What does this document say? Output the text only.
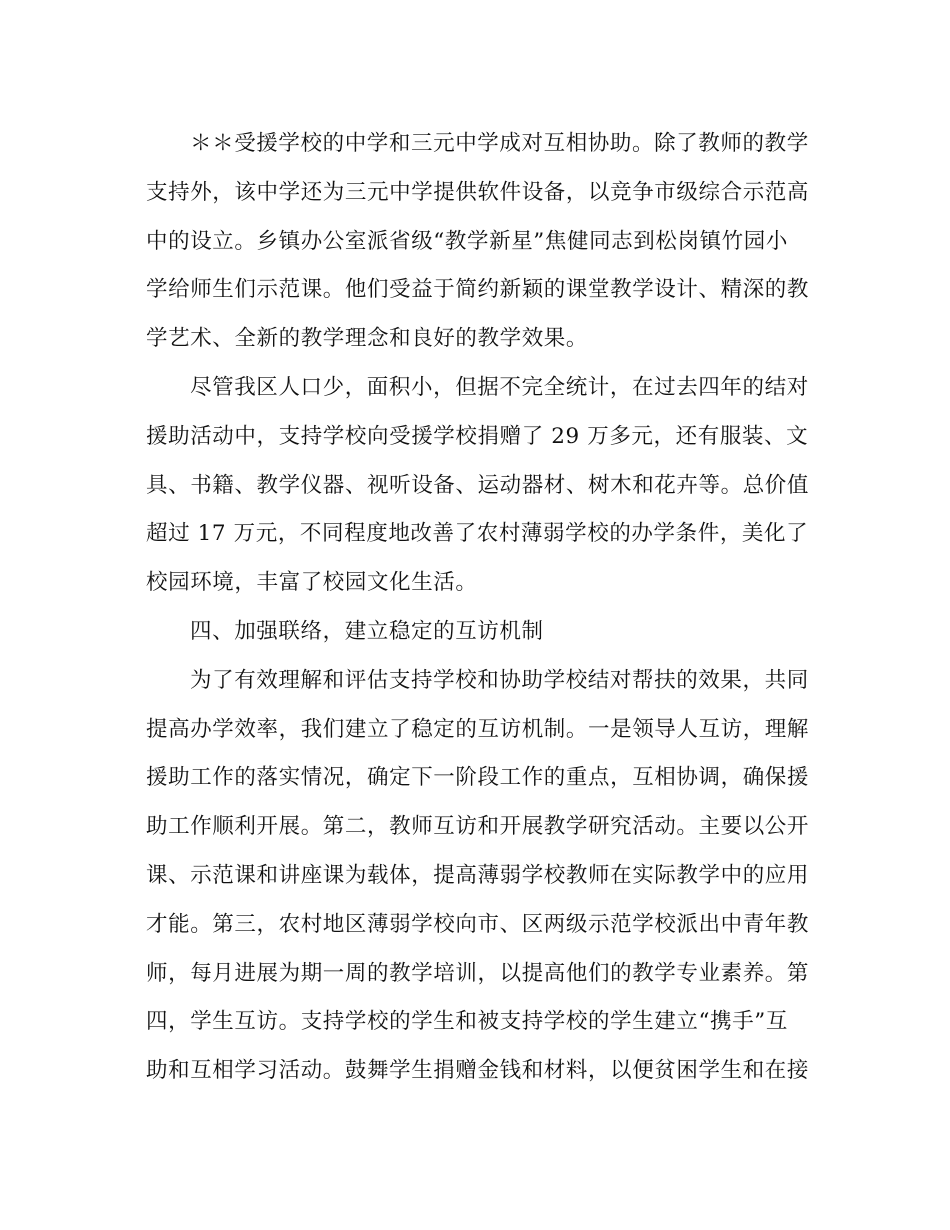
＊＊受援学校的中学和三元中学成对互相协助。除了教师的教学
支持外，该中学还为三元中学提供软件设备，以竞争市级综合示范高
中的设立。乡镇办公室派省级“教学新星”焦健同志到松岗镇竹园小
学给师生们示范课。他们受益于简约新颖的课堂教学设计、精深的教
学艺术、全新的教学理念和良好的教学效果。
尽管我区人口少，面积小，但据不完全统计，在过去四年的结对
援助活动中，支持学校向受援学校捐赠了 29 万多元，还有服装、文
具、书籍、教学仪器、视听设备、运动器材、树木和花卉等。总价值
超过 17 万元，不同程度地改善了农村薄弱学校的办学条件，美化了
校园环境，丰富了校园文化生活。
四、加强联络，建立稳定的互访机制
为了有效理解和评估支持学校和协助学校结对帮扶的效果，共同
提高办学效率，我们建立了稳定的互访机制。一是领导人互访，理解
援助工作的落实情况，确定下一阶段工作的重点，互相协调，确保援
助工作顺利开展。第二，教师互访和开展教学研究活动。主要以公开
课、示范课和讲座课为载体，提高薄弱学校教师在实际教学中的应用
才能。第三，农村地区薄弱学校向市、区两级示范学校派出中青年教
师，每月进展为期一周的教学培训，以提高他们的教学专业素养。第
四，学生互访。支持学校的学生和被支持学校的学生建立“携手”互
助和互相学习活动。鼓舞学生捐赠金钱和材料，以便贫困学生和在接
